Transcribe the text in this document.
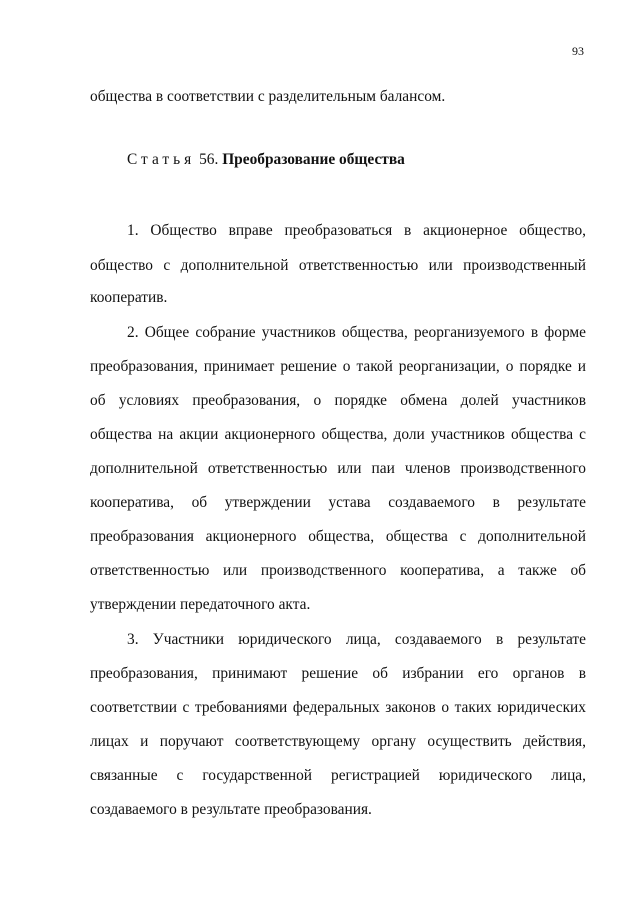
93
общества в соответствии с разделительным балансом.
Статья 56. Преобразование общества
1. Общество вправе преобразоваться в акционерное общество,
общество с дополнительной ответственностью или производственный
кооператив.
2. Общее собрание участников общества, реорганизуемого в форме
преобразования, принимает решение о такой реорганизации, о порядке и
об условиях преобразования, о порядке обмена долей участников
общества на акции акционерного общества, доли участников общества с
дополнительной ответственностью или паи членов производственного
кооператива, об утверждении устава создаваемого в результате
преобразования акционерного общества, общества с дополнительной
ответственностью или производственного кооператива, а также об
утверждении передаточного акта.
3. Участники юридического лица, создаваемого в результате
преобразования, принимают решение об избрании его органов в
соответствии с требованиями федеральных законов о таких юридических
лицах и поручают соответствующему органу осуществить действия,
связанные с государственной регистрацией юридического лица,
создаваемого в результате преобразования.
